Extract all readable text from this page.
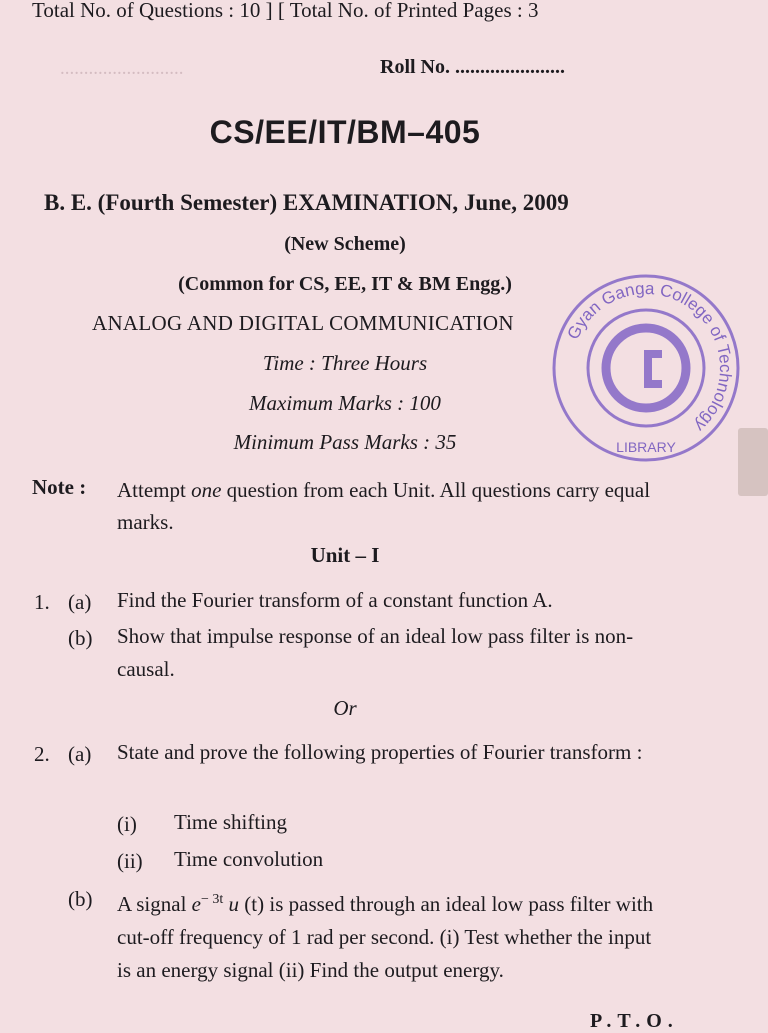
..........................
Total No. of Questions : 10 ] [ Total No. of Printed Pages : 3
Roll No. ......................
CS/EE/IT/BM–405
B. E. (Fourth Semester) EXAMINATION, June, 2009
(New Scheme)
(Common for CS, EE, IT & BM Engg.)
ANALOG AND DIGITAL COMMUNICATION
Time : Three Hours
Maximum Marks : 100
Minimum Pass Marks : 35
Gyan Ganga College of Technology
LIBRARY
Note : Attempt one question from each Unit. All questions carry equal marks.
Unit – I
1. (a) Find the Fourier transform of a constant function A.
(b) Show that impulse response of an ideal low pass filter is non-causal.
Or
2. (a) State and prove the following properties of Fourier transform :
(i) Time shifting
(ii) Time convolution
(b) A signal $e^{- 3t}$ u (t) is passed through an ideal low pass filter with cut-off frequency of 1 rad per second. (i) Test whether the input is an energy signal (ii) Find the output energy.
P.T.O.
